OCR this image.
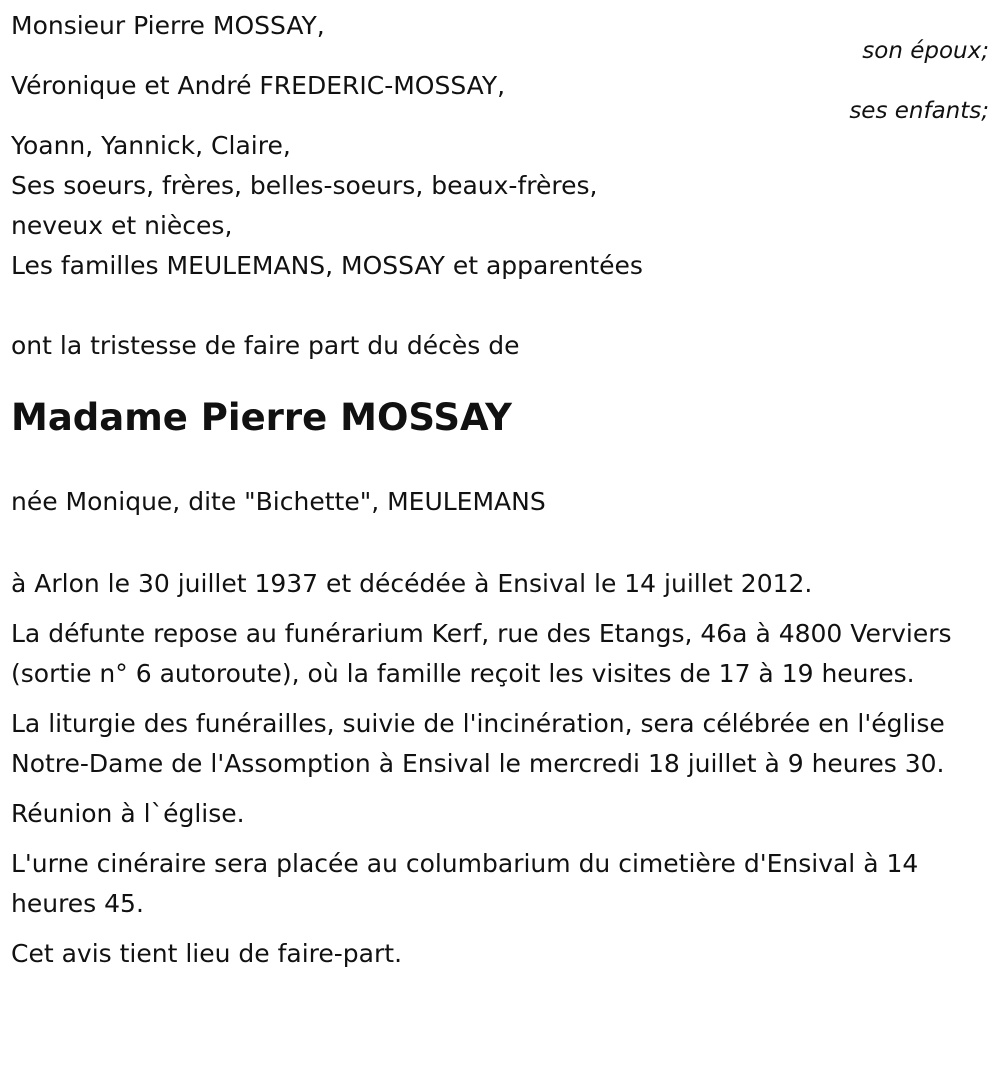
Monsieur Pierre MOSSAY,
son époux;
Véronique et André FREDERIC-MOSSAY,
ses enfants;
Yoann, Yannick, Claire,
Ses soeurs, frères, belles-soeurs, beaux-frères,
neveux et nièces,
Les familles MEULEMANS, MOSSAY et apparentées
ont la tristesse de faire part du décès de
Madame Pierre MOSSAY
née Monique, dite "Bichette", MEULEMANS
à Arlon le 30 juillet 1937 et décédée à Ensival le 14 juillet 2012.
La défunte repose au funérarium Kerf, rue des Etangs, 46a à 4800 Verviers (sortie n° 6 autoroute), où la famille reçoit les visites de 17 à 19 heures.
La liturgie des funérailles, suivie de l'incinération, sera célébrée en l'église Notre-Dame de l'Assomption à Ensival le mercredi 18 juillet à 9 heures 30.
Réunion à l`église.
L'urne cinéraire sera placée au columbarium du cimetière d'Ensival à 14 heures 45.
Cet avis tient lieu de faire-part.
